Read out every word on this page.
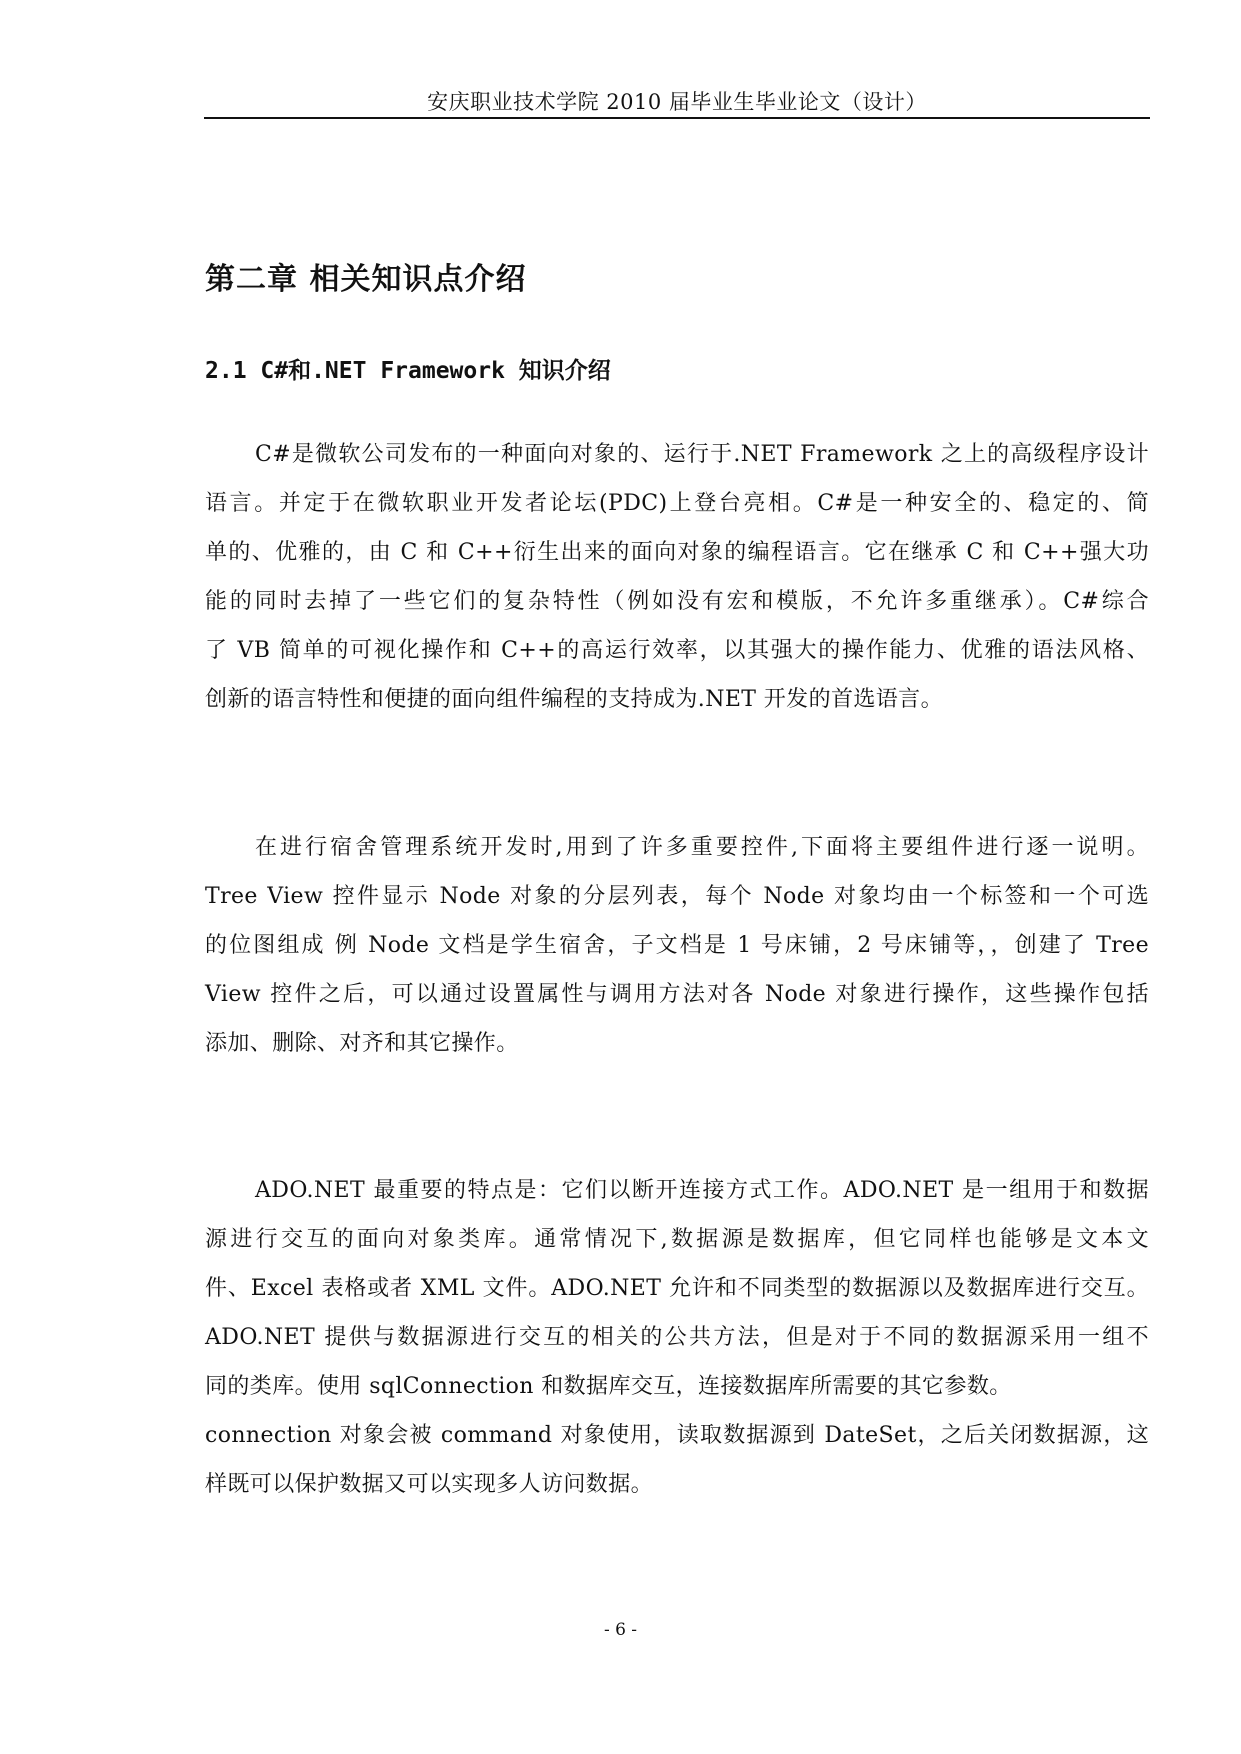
安庆职业技术学院 2010 届毕业生毕业论文（设计）
第二章 相关知识点介绍
2.1 C#和.NET Framework 知识介绍
C#是微软公司发布的一种面向对象的、运行于.NET Framework 之上的高级程序设计
语言。并定于在微软职业开发者论坛(PDC)上登台亮相。C#是一种安全的、稳定的、简
单的、优雅的，由 C 和 C++衍生出来的面向对象的编程语言。它在继承 C 和 C++强大功
能的同时去掉了一些它们的复杂特性（例如没有宏和模版，不允许多重继承）。C#综合
了 VB 简单的可视化操作和 C++的高运行效率，以其强大的操作能力、优雅的语法风格、
创新的语言特性和便捷的面向组件编程的支持成为.NET 开发的首选语言。
在进行宿舍管理系统开发时,用到了许多重要控件,下面将主要组件进行逐一说明。
Tree View 控件显示 Node 对象的分层列表，每个 Node 对象均由一个标签和一个可选
的位图组成 例 Node 文档是学生宿舍，子文档是 1 号床铺，2 号床铺等，，创建了 Tree
View 控件之后，可以通过设置属性与调用方法对各 Node 对象进行操作，这些操作包括
添加、删除、对齐和其它操作。
ADO.NET 最重要的特点是：它们以断开连接方式工作。ADO.NET 是一组用于和数据
源进行交互的面向对象类库。通常情况下,数据源是数据库，但它同样也能够是文本文
件、Excel 表格或者 XML 文件。ADO.NET 允许和不同类型的数据源以及数据库进行交互。
ADO.NET 提供与数据源进行交互的相关的公共方法，但是对于不同的数据源采用一组不
同的类库。使用 sqlConnection 和数据库交互，连接数据库所需要的其它参数。
connection 对象会被 command 对象使用，读取数据源到 DateSet，之后关闭数据源，这
样既可以保护数据又可以实现多人访问数据。
- 6 -
